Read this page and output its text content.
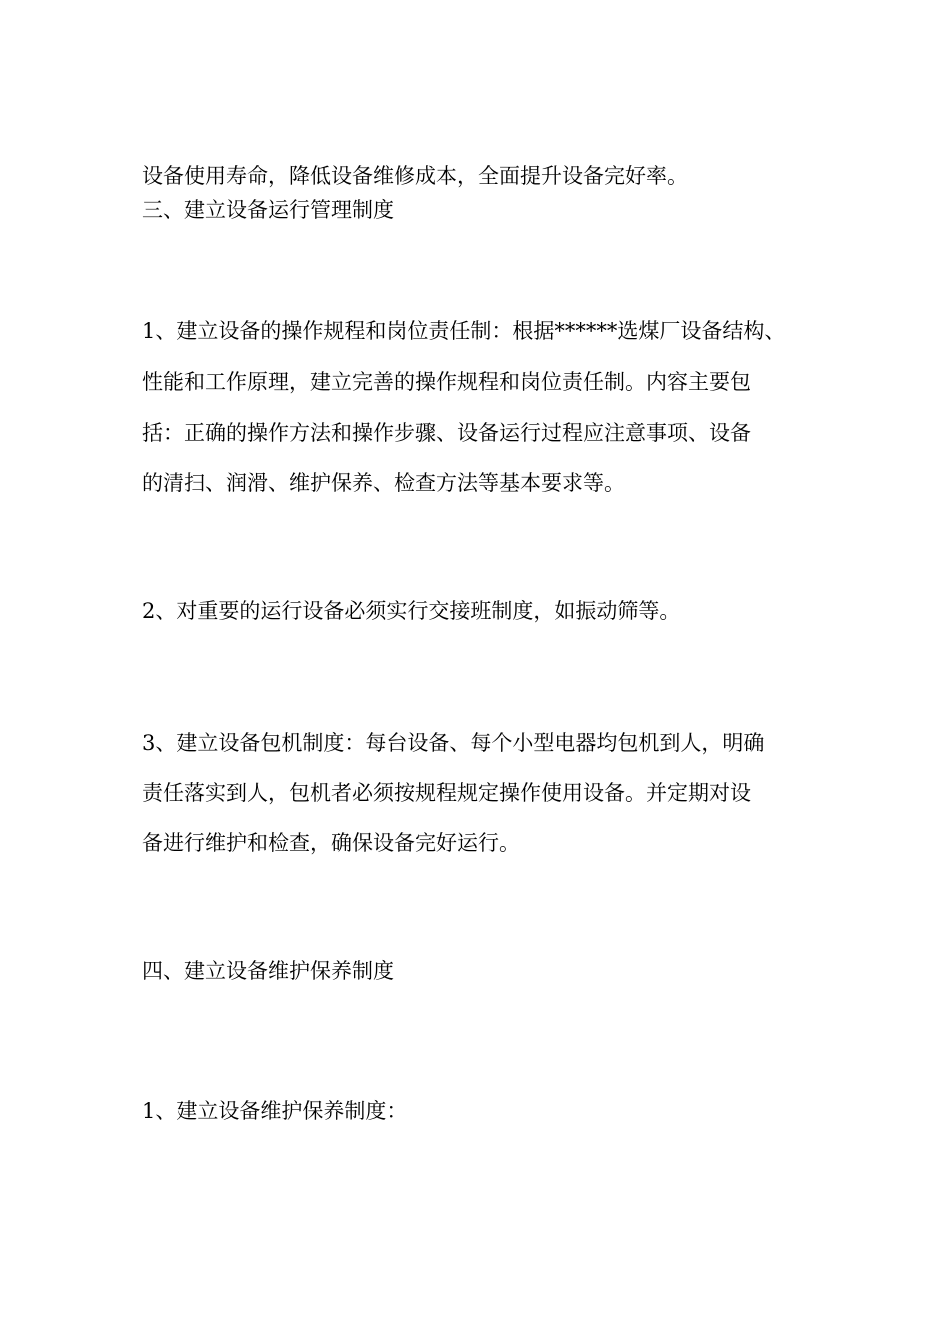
设备使用寿命，降低设备维修成本，全面提升设备完好率。
三、建立设备运行管理制度
1、建立设备的操作规程和岗位责任制：根据******选煤厂设备结构、
性能和工作原理，建立完善的操作规程和岗位责任制。内容主要包
括：正确的操作方法和操作步骤、设备运行过程应注意事项、设备
的清扫、润滑、维护保养、检查方法等基本要求等。
2、对重要的运行设备必须实行交接班制度，如振动筛等。
3、建立设备包机制度：每台设备、每个小型电器均包机到人，明确
责任落实到人，包机者必须按规程规定操作使用设备。并定期对设
备进行维护和检查，确保设备完好运行。
四、建立设备维护保养制度
1、建立设备维护保养制度：
